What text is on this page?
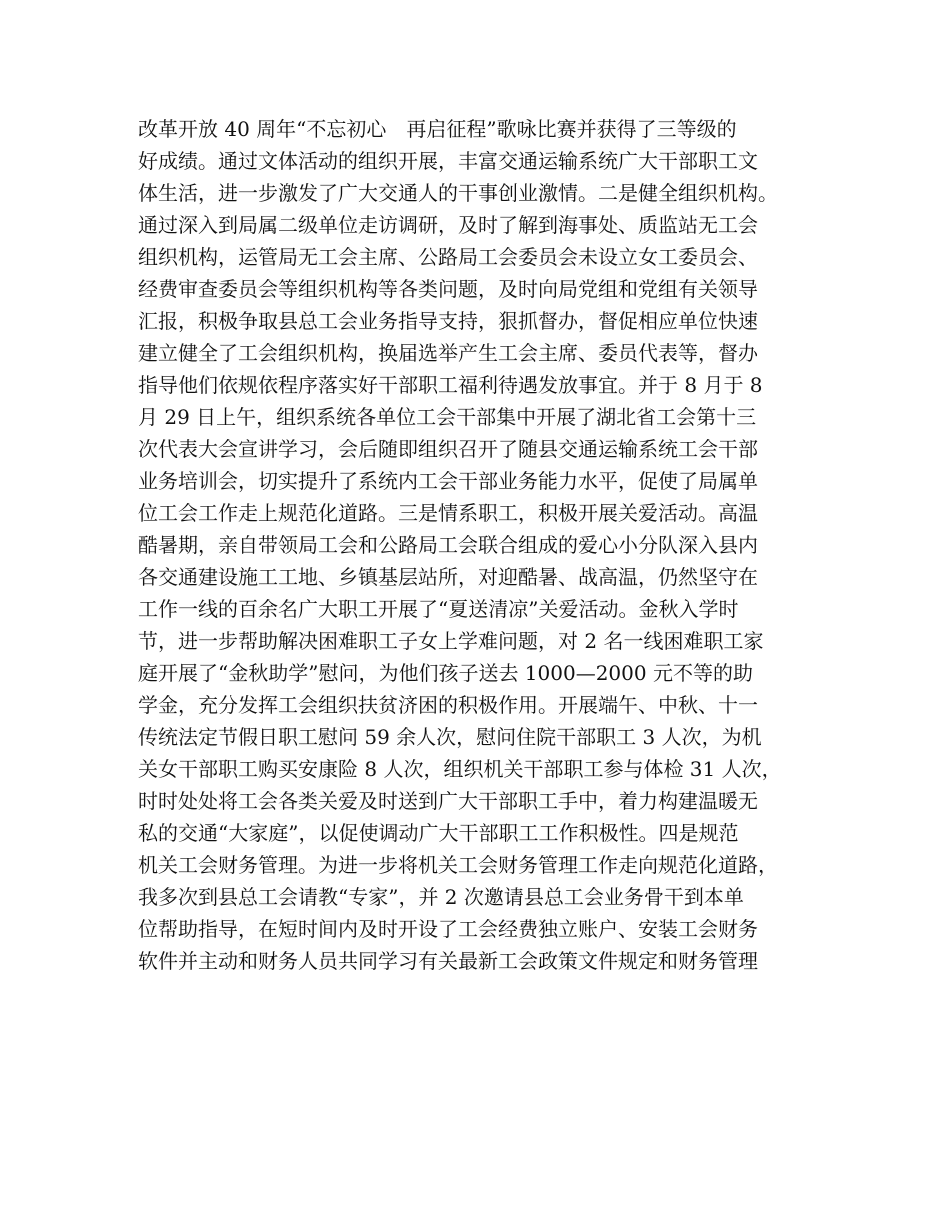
改革开放 40 周年“不忘初心　再启征程”歌咏比赛并获得了三等级的
好成绩。通过文体活动的组织开展，丰富交通运输系统广大干部职工文
体生活，进一步激发了广大交通人的干事创业激情。二是健全组织机构。
通过深入到局属二级单位走访调研，及时了解到海事处、质监站无工会
组织机构，运管局无工会主席、公路局工会委员会未设立女工委员会、
经费审查委员会等组织机构等各类问题，及时向局党组和党组有关领导
汇报，积极争取县总工会业务指导支持，狠抓督办，督促相应单位快速
建立健全了工会组织机构，换届选举产生工会主席、委员代表等，督办
指导他们依规依程序落实好干部职工福利待遇发放事宜。并于 8 月于 8
月 29 日上午，组织系统各单位工会干部集中开展了湖北省工会第十三
次代表大会宣讲学习，会后随即组织召开了随县交通运输系统工会干部
业务培训会，切实提升了系统内工会干部业务能力水平，促使了局属单
位工会工作走上规范化道路。三是情系职工，积极开展关爱活动。高温
酷暑期，亲自带领局工会和公路局工会联合组成的爱心小分队深入县内
各交通建设施工工地、乡镇基层站所，对迎酷暑、战高温，仍然坚守在
工作一线的百余名广大职工开展了“夏送清凉”关爱活动。金秋入学时
节，进一步帮助解决困难职工子女上学难问题，对 2 名一线困难职工家
庭开展了“金秋助学”慰问，为他们孩子送去 1000—2000 元不等的助
学金，充分发挥工会组织扶贫济困的积极作用。开展端午、中秋、十一
传统法定节假日职工慰问 59 余人次，慰问住院干部职工 3 人次，为机
关女干部职工购买安康险 8 人次，组织机关干部职工参与体检 31 人次，
时时处处将工会各类关爱及时送到广大干部职工手中，着力构建温暖无
私的交通“大家庭”，以促使调动广大干部职工工作积极性。四是规范
机关工会财务管理。为进一步将机关工会财务管理工作走向规范化道路，
我多次到县总工会请教“专家”，并 2 次邀请县总工会业务骨干到本单
位帮助指导，在短时间内及时开设了工会经费独立账户、安装工会财务
软件并主动和财务人员共同学习有关最新工会政策文件规定和财务管理
